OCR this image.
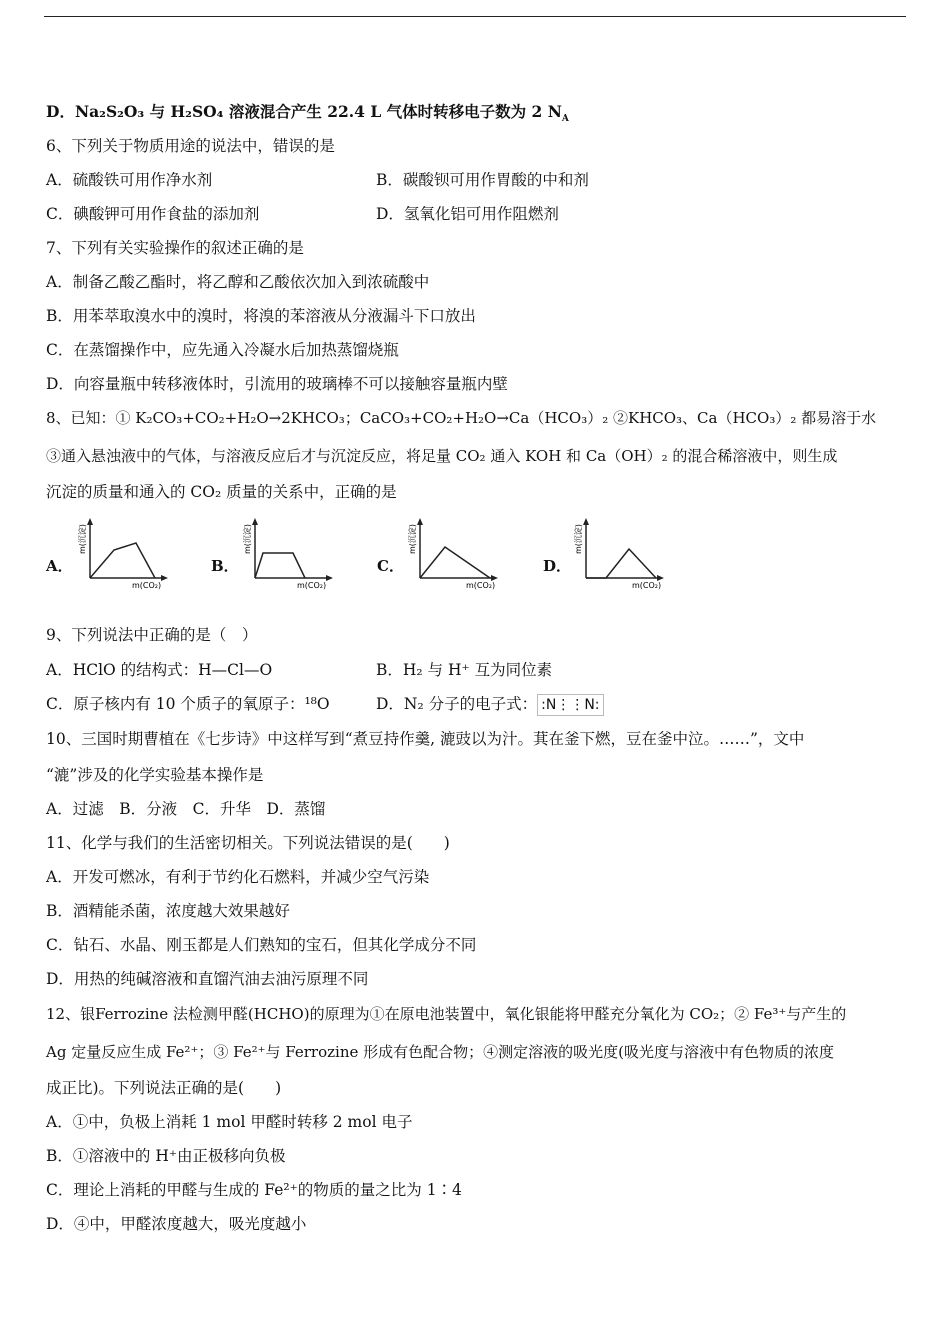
D．Na₂S₂O₃ 与 H₂SO₄ 溶液混合产生 22.4 L 气体时转移电子数为 2 $N_A$
6、下列关于物质用途的说法中，错误的是
A．硫酸铁可用作净水剂	B．碳酸钡可用作胃酸的中和剂
C．碘酸钾可用作食盐的添加剂	D．氢氧化铝可用作阻燃剂
7、下列有关实验操作的叙述正确的是
A．制备乙酸乙酯时，将乙醇和乙酸依次加入到浓硫酸中
B．用苯萃取溴水中的溴时，将溴的苯溶液从分液漏斗下口放出
C．在蒸馏操作中，应先通入冷凝水后加热蒸馏烧瓶
D．向容量瓶中转移液体时，引流用的玻璃棒不可以接触容量瓶内壁
8、已知：① K₂CO₃+CO₂+H₂O→2KHCO₃；CaCO₃+CO₂+H₂O→Ca（HCO₃）₂ ②KHCO₃、Ca（HCO₃）₂ 都易溶于水
③通入悬浊液中的气体，与溶液反应后才与沉淀反应，将足量 CO₂ 通入 KOH 和 Ca（OH）₂ 的混合稀溶液中，则生成
沉淀的质量和通入的 CO₂ 质量的关系中，正确的是
A．
m(沉淀)
m(CO₂)
B．
m(沉淀)
m(CO₂)
C．
m(沉淀)
m(CO₂)
D．
m(沉淀)
m(CO₂)
9、下列说法中正确的是（　）
A．HClO 的结构式：H—Cl—O	B．H₂ 与 H⁺ 互为同位素
C．原子核内有 10 个质子的氧原子：¹⁸O	D．N₂ 分子的电子式： :N⋮⋮N:
10、三国时期曹植在《七步诗》中这样写到“煮豆持作羹, 漉豉以为汁。萁在釜下燃，豆在釜中泣。……”，文中
“漉”涉及的化学实验基本操作是
A．过滤　B．分液　C．升华　D．蒸馏
11、化学与我们的生活密切相关。下列说法错误的是(　　)
A．开发可燃冰，有利于节约化石燃料，并减少空气污染
B．酒精能杀菌，浓度越大效果越好
C．钻石、水晶、刚玉都是人们熟知的宝石，但其化学成分不同
D．用热的纯碱溶液和直馏汽油去油污原理不同
12、银Ferrozine 法检测甲醛(HCHO)的原理为①在原电池装置中，氧化银能将甲醛充分氧化为 CO₂；② Fe³⁺与产生的
Ag 定量反应生成 Fe²⁺；③ Fe²⁺与 Ferrozine 形成有色配合物；④测定溶液的吸光度(吸光度与溶液中有色物质的浓度
成正比)。下列说法正确的是(　　)
A．①中，负极上消耗 1 mol 甲醛时转移 2 mol 电子
B．①溶液中的 H⁺由正极移向负极
C．理论上消耗的甲醛与生成的 Fe²⁺的物质的量之比为 1∶4
D．④中，甲醛浓度越大，吸光度越小
